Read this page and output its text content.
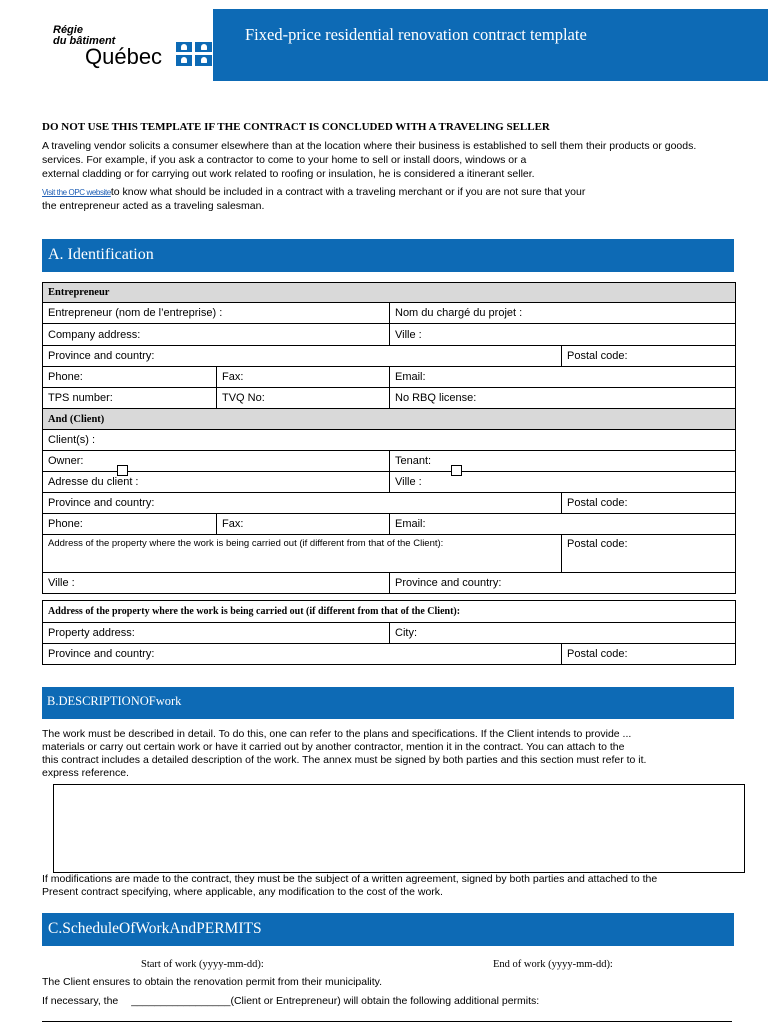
Régie
du bâtiment
Québec
Fixed-price residential renovation contract template
DO NOT USE THIS TEMPLATE IF THE CONTRACT IS CONCLUDED WITH A TRAVELING SELLER
A traveling vendor solicits a consumer elsewhere than at the location where their business is established to sell them their products or goods.
services. For example, if you ask a contractor to come to your home to sell or install doors, windows or a
external cladding or for carrying out work related to roofing or insulation, he is considered a itinerant seller.
Visit the OPC websiteto know what should be included in a contract with a traveling merchant or if you are not sure that your
the entrepreneur acted as a traveling salesman.
A. Identification
Entrepreneur			
Entrepreneur (nom de l’entreprise) :		Nom du chargé du projet :	
Company address:		Ville :	
Province and country:			Postal code:
Phone:	Fax:	Email:	
TPS number:	TVQ No:	No RBQ license:	
And (Client)			
Client(s) :			
Owner:		Tenant:	
Adresse du client :		Ville :	
Province and country:			Postal code:
Phone:	Fax:	Email:	
Address of the property where the work is being carried out (if different from that of the Client):			Postal code:
Ville :		Province and country:	
Address of the property where the work is being carried out (if different from that of the Client):		
Property address:	City:	
Province and country:		Postal code:
B.DESCRIPTIONOFwork
The work must be described in detail. To do this, one can refer to the plans and specifications. If the Client intends to provide ...
materials or carry out certain work or have it carried out by another contractor, mention it in the contract. You can attach to the
this contract includes a detailed description of the work. The annex must be signed by both parties and this section must refer to it.
express reference.
If modifications are made to the contract, they must be the subject of a written agreement, signed by both parties and attached to the
Present contract specifying, where applicable, any modification to the cost of the work.
C.ScheduleOfWorkAndPERMITS
Start of work (yyyy-mm-dd):	End of work (yyyy-mm-dd):
The Client ensures to obtain the renovation permit from their municipality.
If necessary, the _________________(Client or Entrepreneur) will obtain the following additional permits:
